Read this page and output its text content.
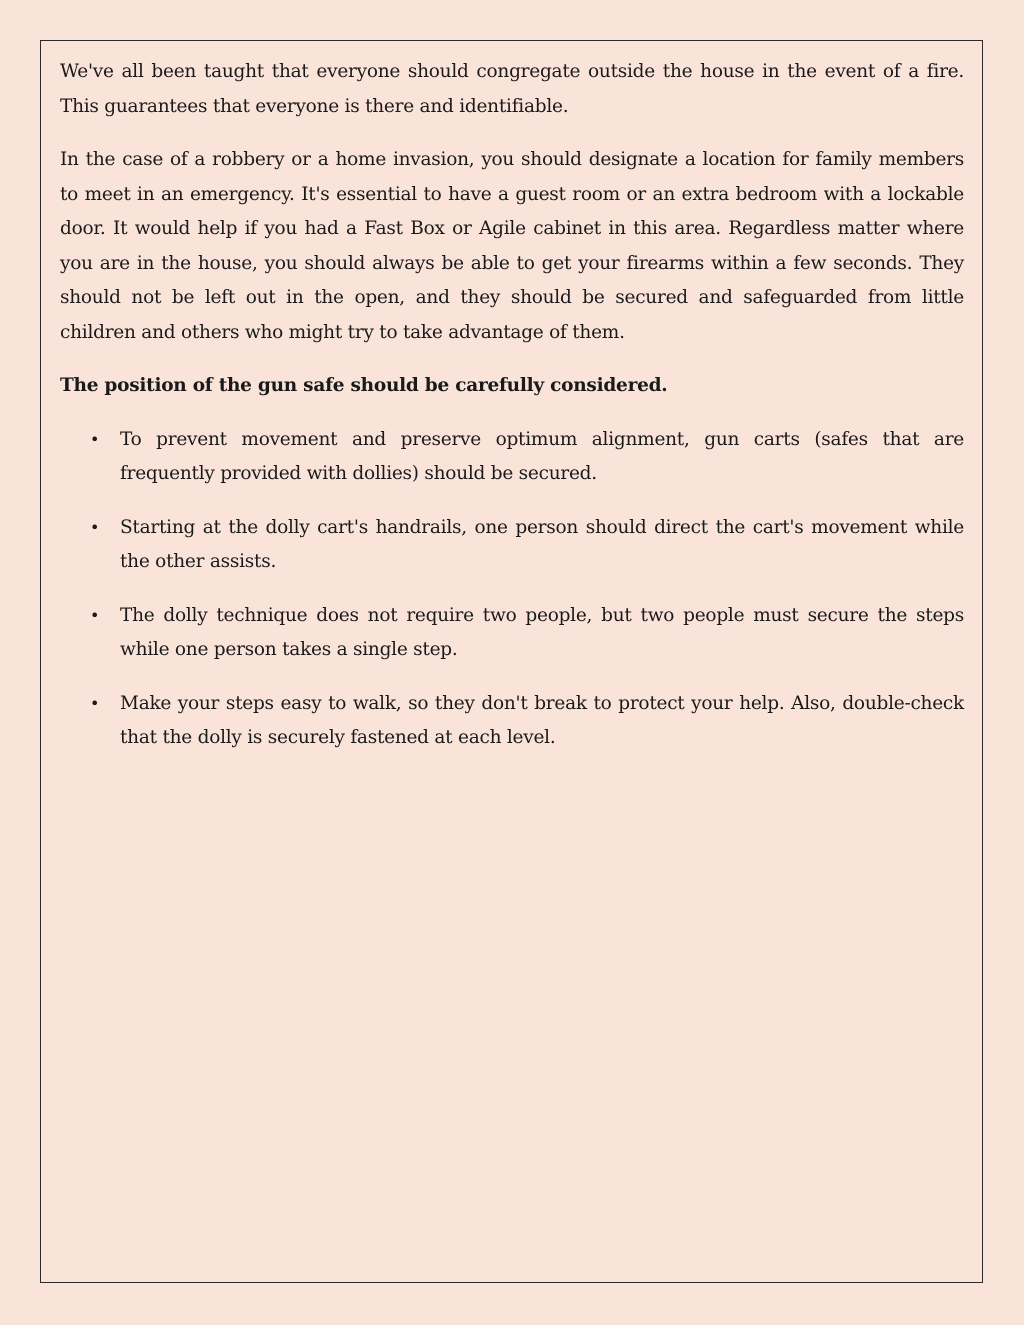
We've all been taught that everyone should congregate outside the house in the event of a fire. This guarantees that everyone is there and identifiable.

In the case of a robbery or a home invasion, you should designate a location for family members to meet in an emergency. It's essential to have a guest room or an extra bedroom with a lockable door. It would help if you had a Fast Box or Agile cabinet in this area. Regardless matter where you are in the house, you should always be able to get your firearms within a few seconds. They should not be left out in the open, and they should be secured and safeguarded from little children and others who might try to take advantage of them.

The position of the gun safe should be carefully considered.

• To prevent movement and preserve optimum alignment, gun carts (safes that are frequently provided with dollies) should be secured.
• Starting at the dolly cart's handrails, one person should direct the cart's movement while the other assists.
• The dolly technique does not require two people, but two people must secure the steps while one person takes a single step.
• Make your steps easy to walk, so they don't break to protect your help. Also, double-check that the dolly is securely fastened at each level.
